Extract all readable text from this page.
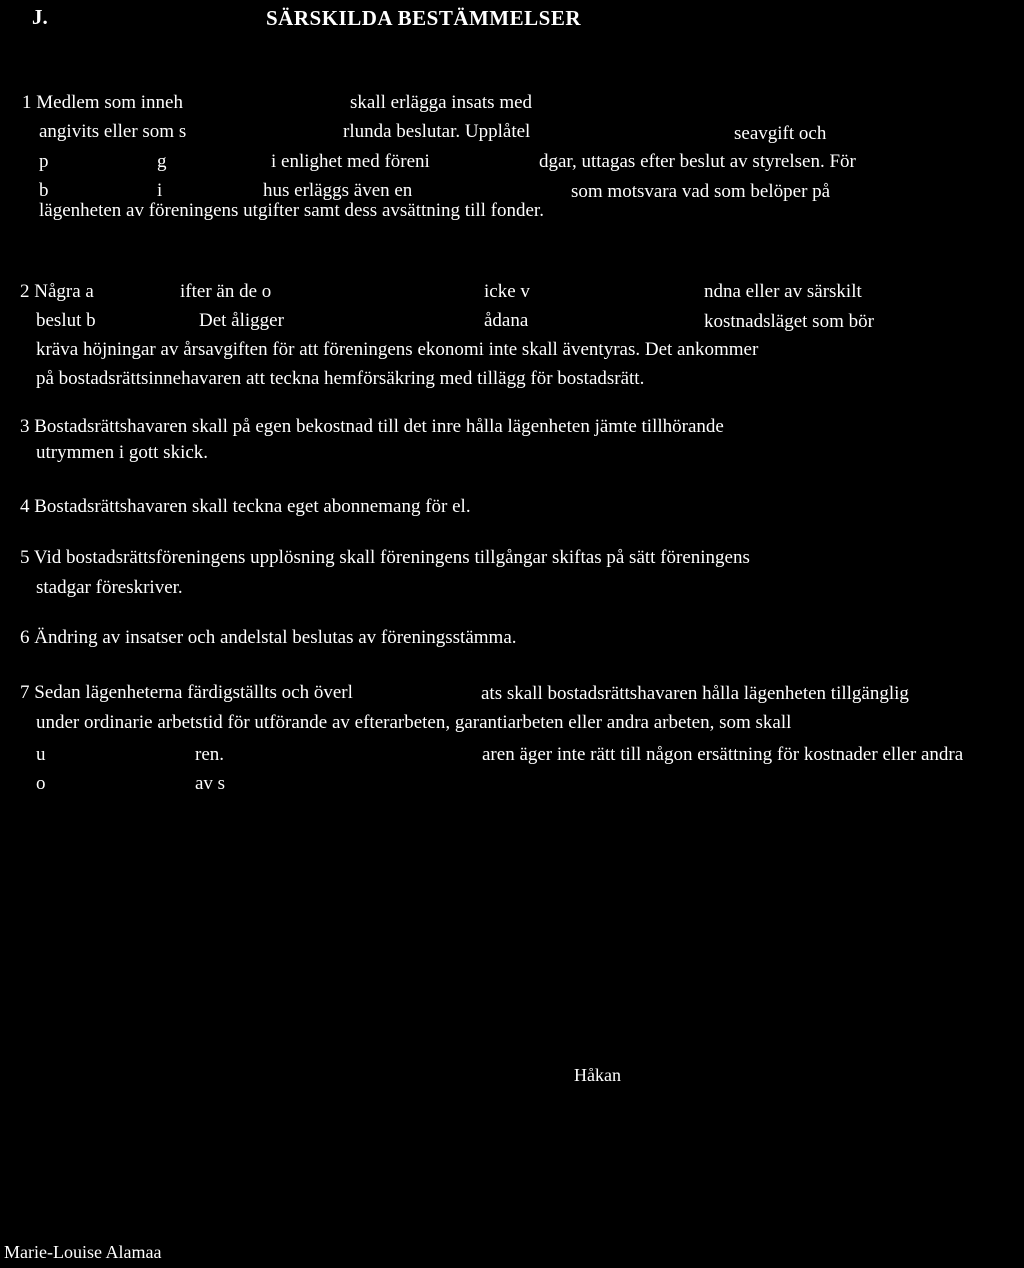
J.	SÄRSKILDA BESTÄMMELSER
1 Medlem som inneh	skall erlägga insats med
angivits eller som s	rlunda beslutar. Upplåtel	seavgift och
p	g	i enlighet med föreni	dgar, uttagas efter beslut av styrelsen. För
b	i	hus erläggs även en	som motsvara vad som belöper på
lägenheten av föreningens utgifter samt dess avsättning till fonder.
2 Några a	ifter än de o	icke v	ndna eller av särskilt
beslut b	Det åligger	ådana	kostnadsläget som bör
kräva höjningar av årsavgiften för att föreningens ekonomi inte skall äventyras. Det ankommer
på bostadsrättsinnehavaren att teckna hemförsäkring med tillägg för bostadsrätt.
3 Bostadsrättshavaren skall på egen bekostnad till det inre hålla lägenheten jämte tillhörande
utrymmen i gott skick.
4 Bostadsrättshavaren skall teckna eget abonnemang för el.
5 Vid bostadsrättsföreningens upplösning skall föreningens tillgångar skiftas på sätt föreningens
stadgar föreskriver.
6 Ändring av insatser och andelstal beslutas av föreningsstämma.
7 Sedan lägenheterna färdigställts och överl	ats skall bostadsrättshavaren hålla lägenheten tillgänglig
under ordinarie arbetstid för utförande av efterarbeten, garantiarbeten eller andra arbeten, som skall
u	ren.	aren äger inte rätt till någon ersättning för kostnader eller andra
o	av s
Håkan
Marie-Louise Alamaa
